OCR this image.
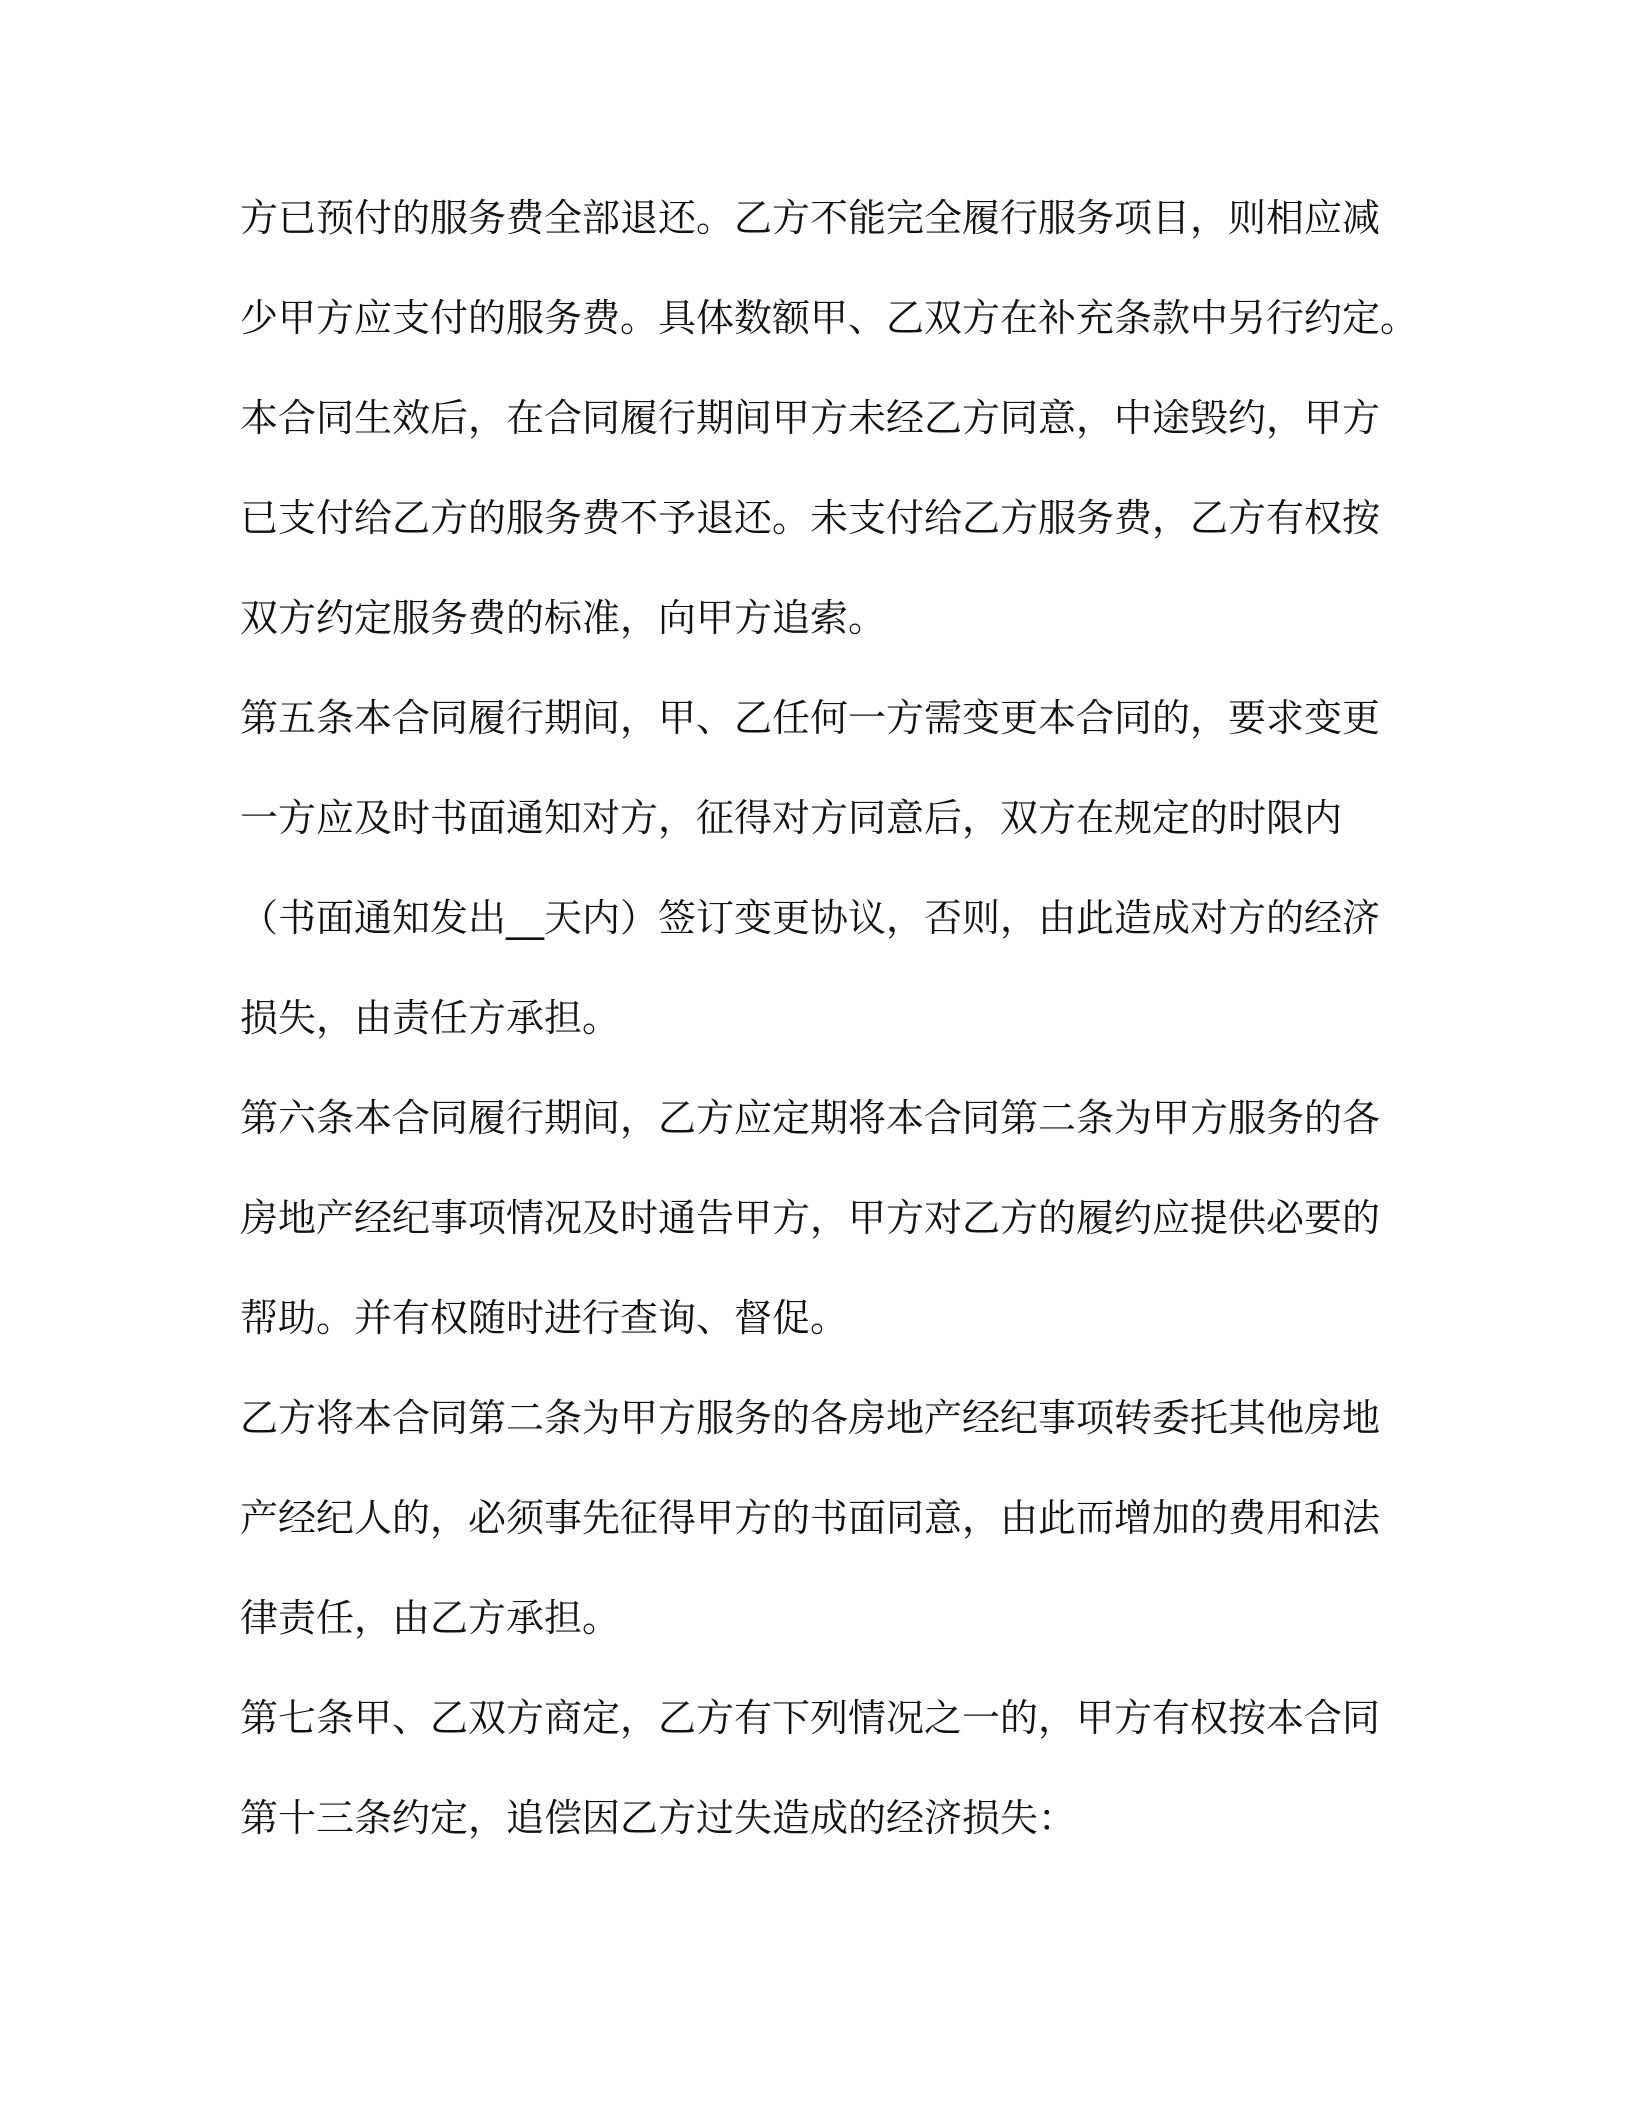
方已预付的服务费全部退还。乙方不能完全履行服务项目，则相应减
少甲方应支付的服务费。具体数额甲、乙双方在补充条款中另行约定。
本合同生效后，在合同履行期间甲方未经乙方同意，中途毁约，甲方
已支付给乙方的服务费不予退还。未支付给乙方服务费，乙方有权按
双方约定服务费的标准，向甲方追索。
第五条本合同履行期间，甲、乙任何一方需变更本合同的，要求变更
一方应及时书面通知对方，征得对方同意后，双方在规定的时限内
（书面通知发出__天内）签订变更协议，否则，由此造成对方的经济
损失，由责任方承担。
第六条本合同履行期间，乙方应定期将本合同第二条为甲方服务的各
房地产经纪事项情况及时通告甲方，甲方对乙方的履约应提供必要的
帮助。并有权随时进行查询、督促。
乙方将本合同第二条为甲方服务的各房地产经纪事项转委托其他房地
产经纪人的，必须事先征得甲方的书面同意，由此而增加的费用和法
律责任，由乙方承担。
第七条甲、乙双方商定，乙方有下列情况之一的，甲方有权按本合同
第十三条约定，追偿因乙方过失造成的经济损失：
